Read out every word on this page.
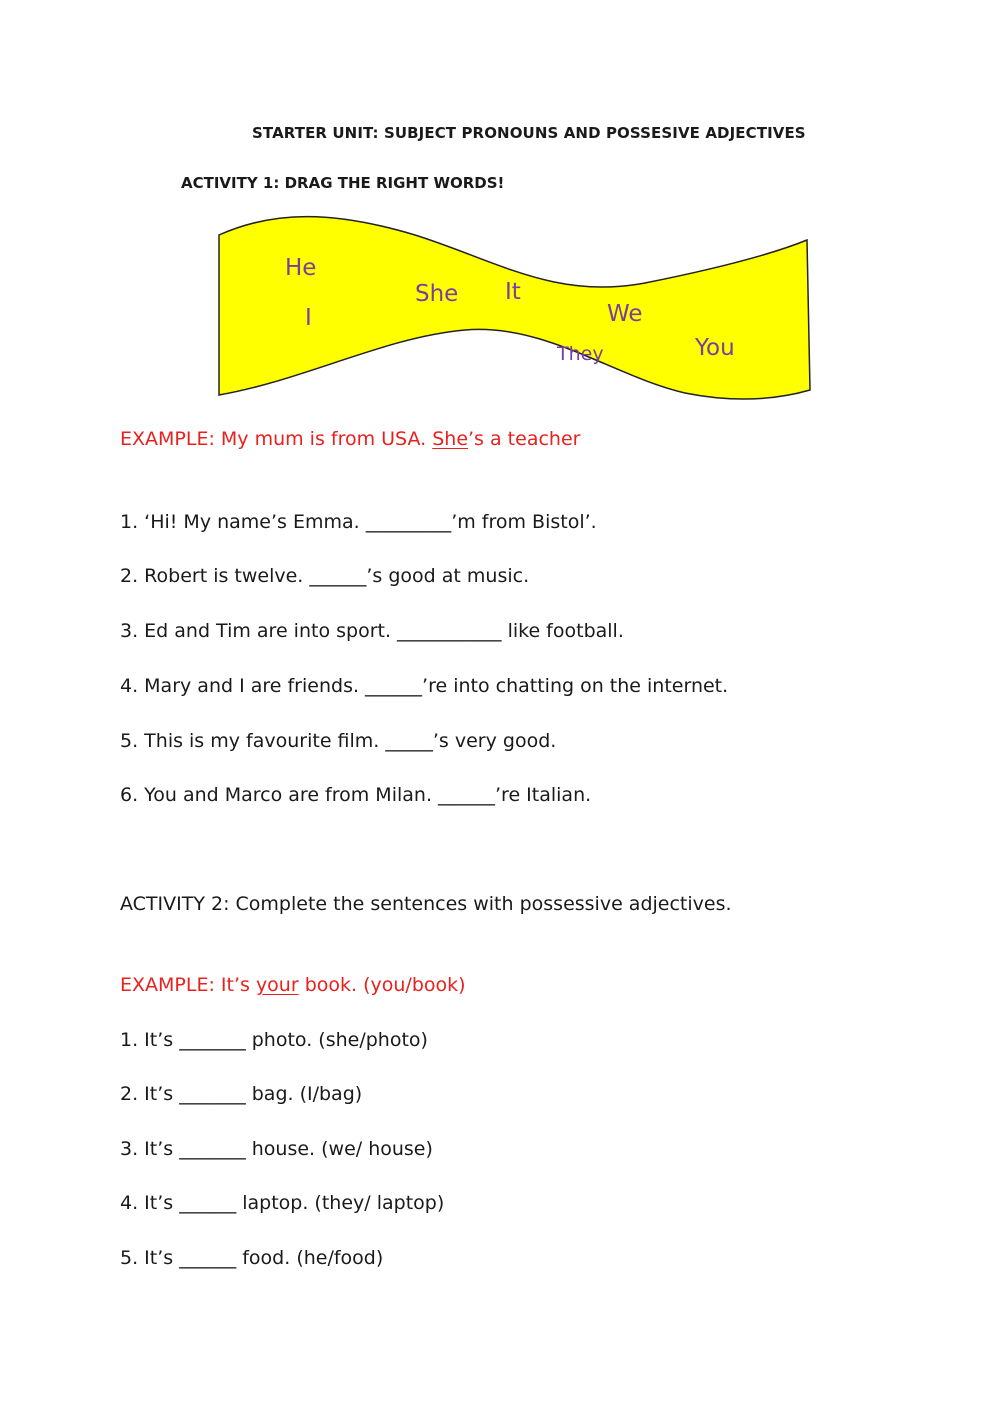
STARTER UNIT: SUBJECT PRONOUNS AND POSSESIVE ADJECTIVES
ACTIVITY 1: DRAG THE RIGHT WORDS!
He
I
She It
We
They	You
EXAMPLE: My mum is from USA. She’s a teacher
1. ‘Hi! My name’s Emma. _________’m from Bistol’.
2. Robert is twelve. ______’s good at music.
3. Ed and Tim are into sport. ___________ like football.
4. Mary and I are friends. ______’re into chatting on the internet.
5. This is my favourite film. _____’s very good.
6. You and Marco are from Milan. ______’re Italian.
ACTIVITY 2: Complete the sentences with possessive adjectives.
EXAMPLE: It’s your book. (you/book)
1. It’s _______ photo. (she/photo)
2. It’s _______ bag. (I/bag)
3. It’s _______ house. (we/ house)
4. It’s ______ laptop. (they/ laptop)
5. It’s ______ food. (he/food)
